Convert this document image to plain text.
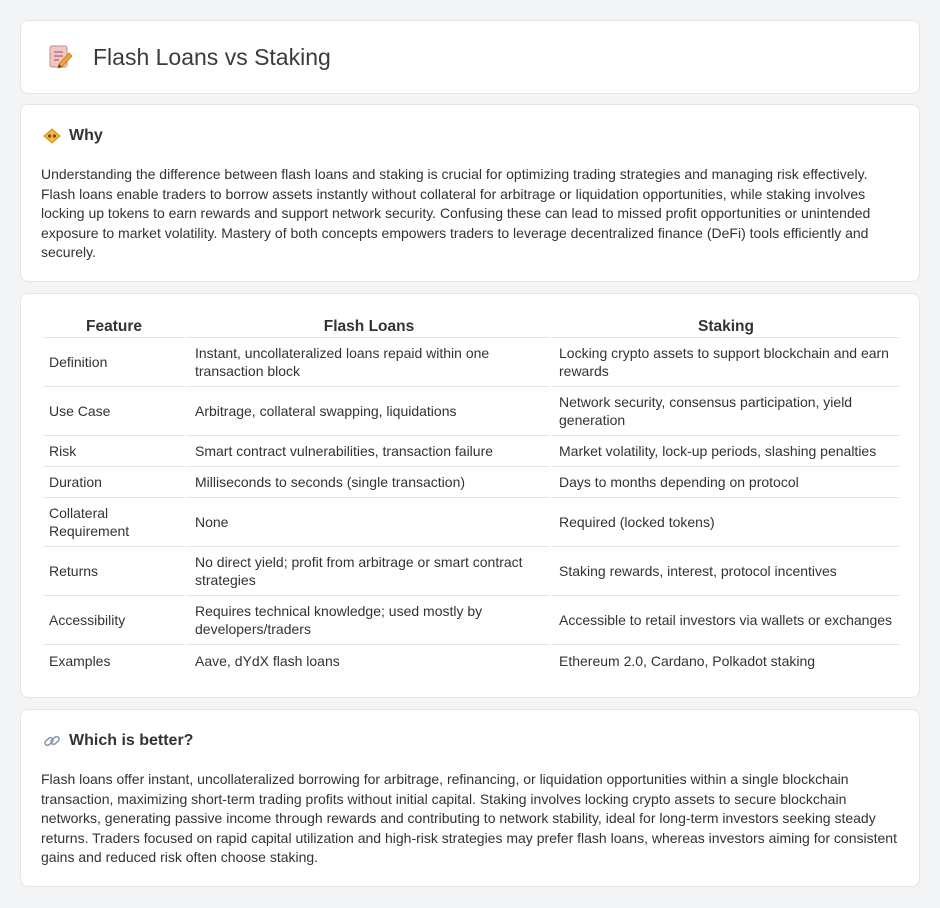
Flash Loans vs Staking
Why

Understanding the difference between flash loans and staking is crucial for optimizing trading strategies and managing risk effectively. Flash loans enable traders to borrow assets instantly without collateral for arbitrage or liquidation opportunities, while staking involves locking up tokens to earn rewards and support network security. Confusing these can lead to missed profit opportunities or unintended exposure to market volatility. Mastery of both concepts empowers traders to leverage decentralized finance (DeFi) tools efficiently and securely.

Feature	Flash Loans	Staking
Definition	Instant, uncollateralized loans repaid within one transaction block	Locking crypto assets to support blockchain and earn rewards
Use Case	Arbitrage, collateral swapping, liquidations	Network security, consensus participation, yield generation
Risk	Smart contract vulnerabilities, transaction failure	Market volatility, lock-up periods, slashing penalties
Duration	Milliseconds to seconds (single transaction)	Days to months depending on protocol
Collateral Requirement	None	Required (locked tokens)
Returns	No direct yield; profit from arbitrage or smart contract strategies	Staking rewards, interest, protocol incentives
Accessibility	Requires technical knowledge; used mostly by developers/traders	Accessible to retail investors via wallets or exchanges
Examples	Aave, dYdX flash loans	Ethereum 2.0, Cardano, Polkadot staking
Which is better?

Flash loans offer instant, uncollateralized borrowing for arbitrage, refinancing, or liquidation opportunities within a single blockchain transaction, maximizing short-term trading profits without initial capital. Staking involves locking crypto assets to secure blockchain networks, generating passive income through rewards and contributing to network stability, ideal for long-term investors seeking steady returns. Traders focused on rapid capital utilization and high-risk strategies may prefer flash loans, whereas investors aiming for consistent gains and reduced risk often choose staking.
